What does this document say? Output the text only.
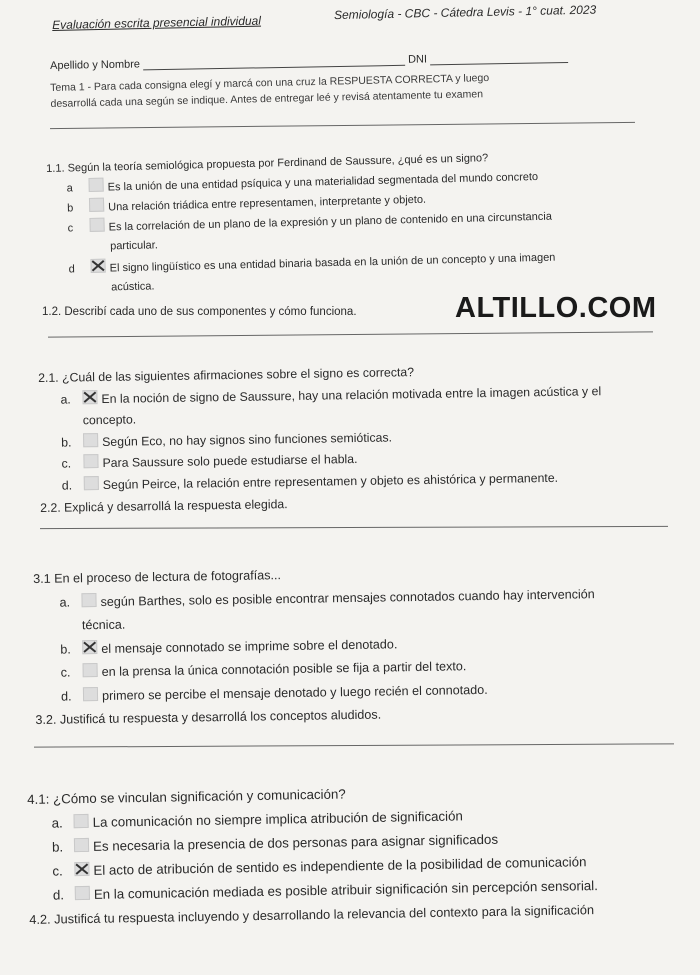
Evaluación escrita presencial individual
Semiología - CBC - Cátedra Levis - 1° cuat. 2023
Apellido y Nombre	DNI
Tema 1 - Para cada consigna elegí y marcá con una cruz la RESPUESTA CORRECTA y luego
desarrollá cada una según se indique. Antes de entregar leé y revisá atentamente tu examen
1.1. Según la teoría semiológica propuesta por Ferdinand de Saussure, ¿qué es un signo?
a	Es la unión de una entidad psíquica y una materialidad segmentada del mundo concreto
b	Una relación triádica entre representamen, interpretante y objeto.
c	Es la correlación de un plano de la expresión y un plano de contenido en una circunstancia
particular.
d	El signo lingüístico es una entidad binaria basada en la unión de un concepto y una imagen
acústica.
1.2. Describí cada uno de sus componentes y cómo funciona.	ALTILLO.COM
2.1. ¿Cuál de las siguientes afirmaciones sobre el signo es correcta?
a. En la noción de signo de Saussure, hay una relación motivada entre la imagen acústica y el
concepto.
b. Según Eco, no hay signos sino funciones semióticas.
c.	Para Saussure solo puede estudiarse el habla.
d. Según Peirce, la relación entre representamen y objeto es ahistórica y permanente.
2.2. Explicá y desarrollá la respuesta elegida.
3.1 En el proceso de lectura de fotografías...
a. según Barthes, solo es posible encontrar mensajes connotados cuando hay intervención
técnica.
b. el mensaje connotado se imprime sobre el denotado.
c. en la prensa la única connotación posible se fija a partir del texto.
d. primero se percibe el mensaje denotado y luego recién el connotado.
3.2. Justificá tu respuesta y desarrollá los conceptos aludidos.
4.1: ¿Cómo se vinculan significación y comunicación?
a. La comunicación no siempre implica atribución de significación
b. Es necesaria la presencia de dos personas para asignar significados
c. El acto de atribución de sentido es independiente de la posibilidad de comunicación
d. En la comunicación mediada es posible atribuir significación sin percepción sensorial.
4.2. Justificá tu respuesta incluyendo y desarrollando la relevancia del contexto para la significación
